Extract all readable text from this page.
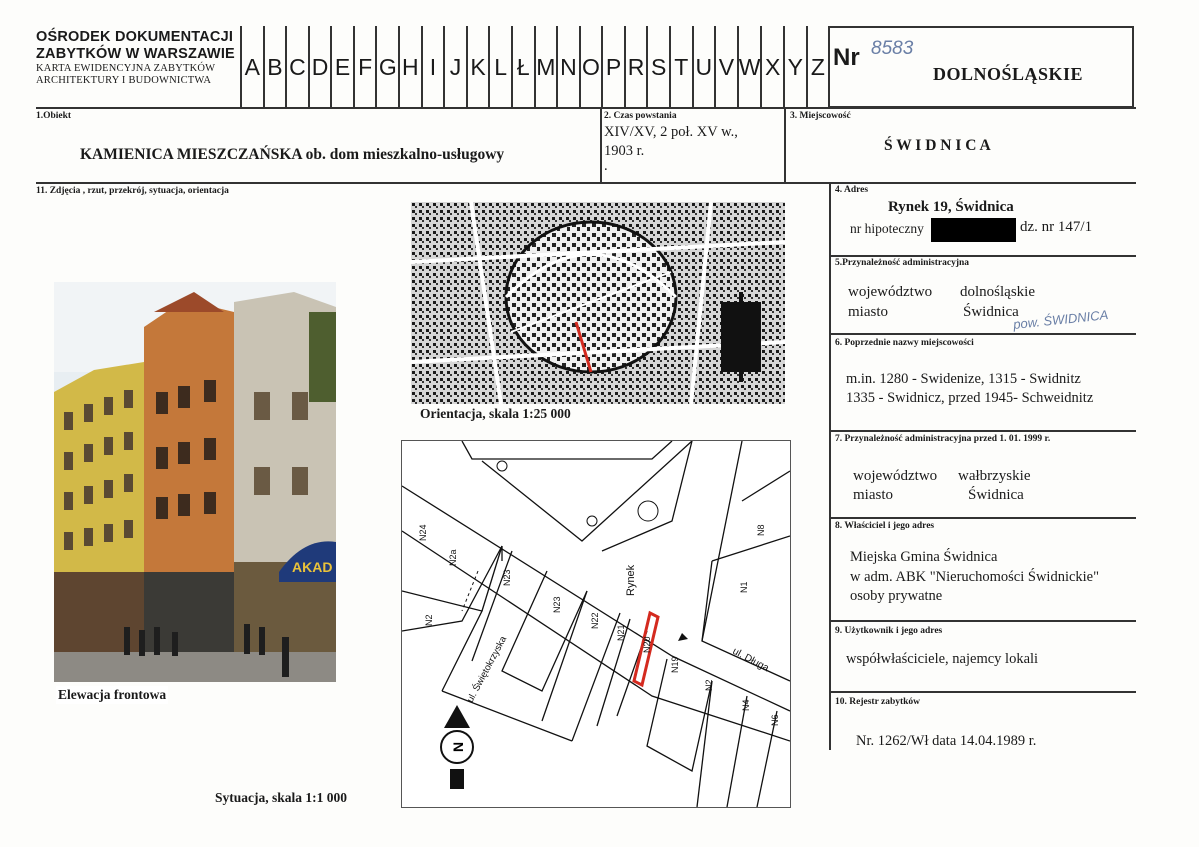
OŚRODEK DOKUMENTACJI
ZABYTKÓW W WARSZAWIE
KARTA EWIDENCYJNA ZABYTKÓW
ARCHITEKTURY I BUDOWNICTWA
A B C D E F G H I J K L Ł M N O P R S T U V W X Y Z Nr 8583
DOLNOŚLĄSKIE
1.Obiekt
KAMIENICA MIESZCZAŃSKA ob. dom mieszkalno-usługowy
2. Czas powstania
XIV/XV, 2 poł. XV w.,
1903 r.
.
3. Miejscowość
Ś W I D N I C A
11. Zdjęcia , rzut, przekrój, sytuacja, orientacja
AKAD
Elewacja frontowa
Orientacja, skala 1:25 000
N24
N2a
N23
N23
N22
N21
N20
N19
N2
N4
N6
N8
N1
N2
Rynek
ul. Długa
ul. Świętokrzyska
N
Sytuacja, skala 1:1 000
4. Adres
Rynek 19, Świdnica
nr hipoteczny	dz. nr 147/1
5.Przynależność administracyjna
województwo dolnośląskie
miasto	Świdnica
pow. ŚWIDNICA
6. Poprzednie nazwy miejscowości
m.in. 1280 - Swidenize, 1315 - Swidnitz
1335 - Swidnicz, przed 1945- Schweidnitz
7. Przynależność administracyjna przed 1. 01. 1999 r.
województwo wałbrzyskie
miasto	Świdnica
8. Właściciel i jego adres
Miejska Gmina Świdnica
w adm. ABK "Nieruchomości Świdnickie"
osoby prywatne
9. Użytkownik i jego adres
współwłaściciele, najemcy lokali
10. Rejestr zabytków
Nr. 1262/Wł data 14.04.1989 r.
